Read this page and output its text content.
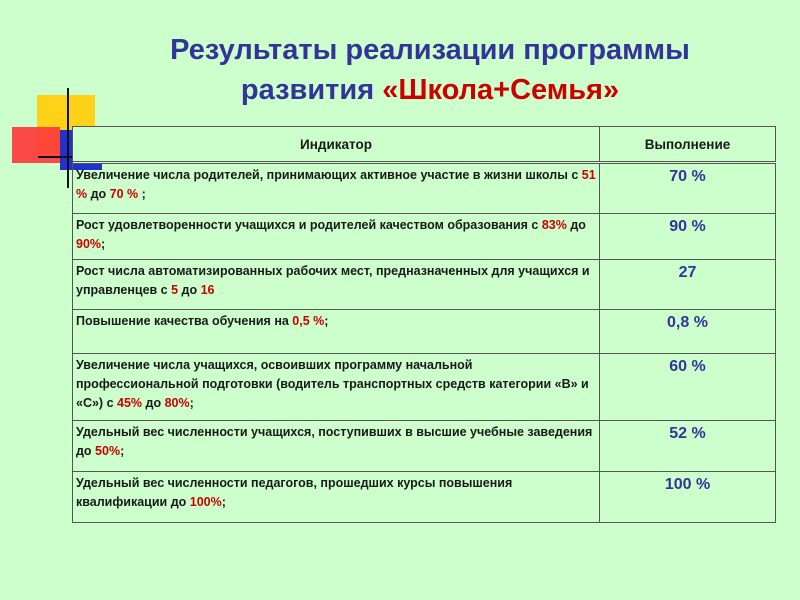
Результаты реализации программы
развития «Школа+Семья»
Индикатор	Выполнение
Увеличение числа родителей, принимающих активное участие в жизни школы с 51 % до 70 % ;	70 %
Рост удовлетворенности учащихся и родителей качеством образования с 83% до 90%;	90 %
Рост числа автоматизированных рабочих мест, предназначенных для учащихся и управленцев с 5 до 16	27
Повышение качества обучения на 0,5 %;	0,8 %
Увеличение числа учащихся, освоивших программу начальной профессиональной подготовки (водитель транспортных средств категории «В» и «С») с 45% до 80%;	60 %
Удельный вес численности учащихся, поступивших в высшие учебные заведения до 50%;	52 %
Удельный вес численности педагогов, прошедших курсы повышения квалификации до 100%;	100 %
